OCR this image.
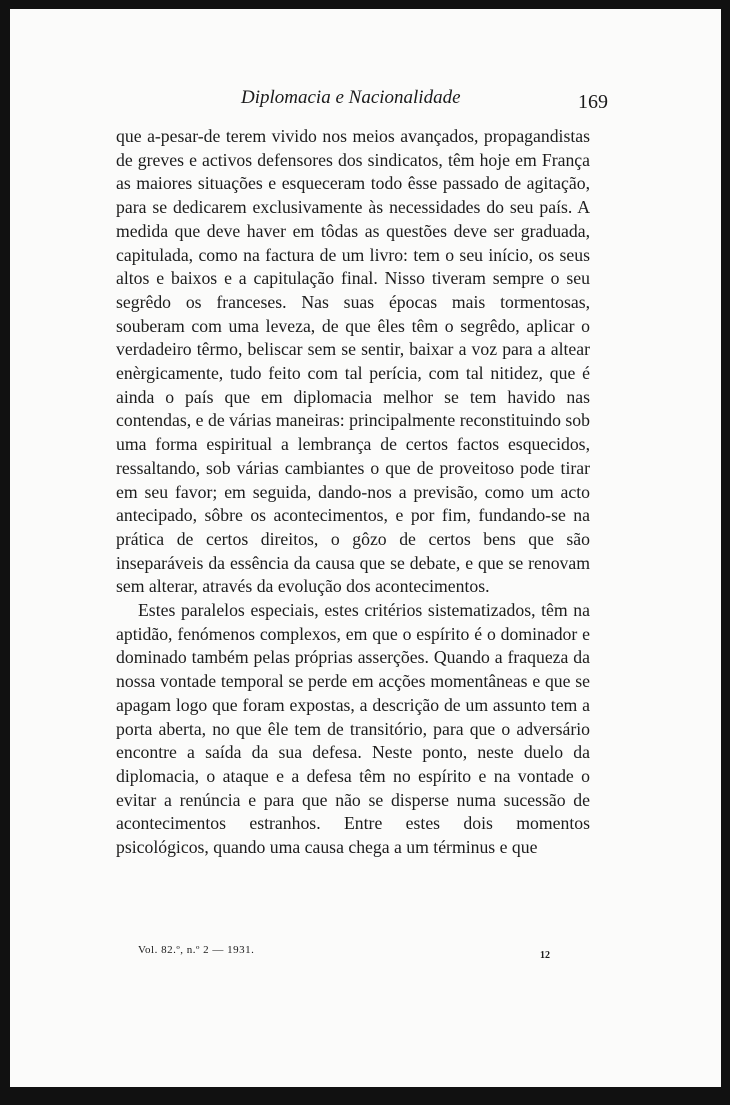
Diplomacia e Nacionalidade	169

que a-pesar-de terem vivido nos meios avançados, propagandistas de greves e activos defensores dos sindicatos, têm hoje em França as maiores situações e esqueceram todo êsse passado de agitação, para se dedicarem exclusivamente às necessidades do seu país. A medida que deve haver em tôdas as questões deve ser graduada, capitulada, como na factura de um livro: tem o seu início, os seus altos e baixos e a capitulação final. Nisso tiveram sempre o seu segrêdo os franceses. Nas suas épocas mais tormentosas, souberam com uma leveza, de que êles têm o segrêdo, aplicar o verdadeiro têrmo, beliscar sem se sentir, baixar a voz para a altear enèrgicamente, tudo feito com tal perícia, com tal nitidez, que é ainda o país que em diplomacia melhor se tem havido nas contendas, e de várias maneiras: principalmente reconstituindo sob uma forma espiritual a lembrança de certos factos esquecidos, ressaltando, sob várias cambiantes o que de proveitoso pode tirar em seu favor; em seguida, dando-nos a previsão, como um acto antecipado, sôbre os acontecimentos, e por fim, fundando-se na prática de certos direitos, o gôzo de certos bens que são inseparáveis da essência da causa que se debate, e que se renovam sem alterar, através da evolução dos acontecimentos.

Estes paralelos especiais, estes critérios sistematizados, têm na aptidão, fenómenos complexos, em que o espírito é o dominador e dominado também pelas próprias asserções. Quando a fraqueza da nossa vontade temporal se perde em acções momentâneas e que se apagam logo que foram expostas, a descrição de um assunto tem a porta aberta, no que êle tem de transitório, para que o adversário encontre a saída da sua defesa. Neste ponto, neste duelo da diplomacia, o ataque e a defesa têm no espírito e na vontade o evitar a renúncia e para que não se disperse numa sucessão de acontecimentos estranhos. Entre estes dois momentos psicológicos, quando uma causa chega a um términus e que

Vol. 82.º, n.º 2 — 1931.	12
